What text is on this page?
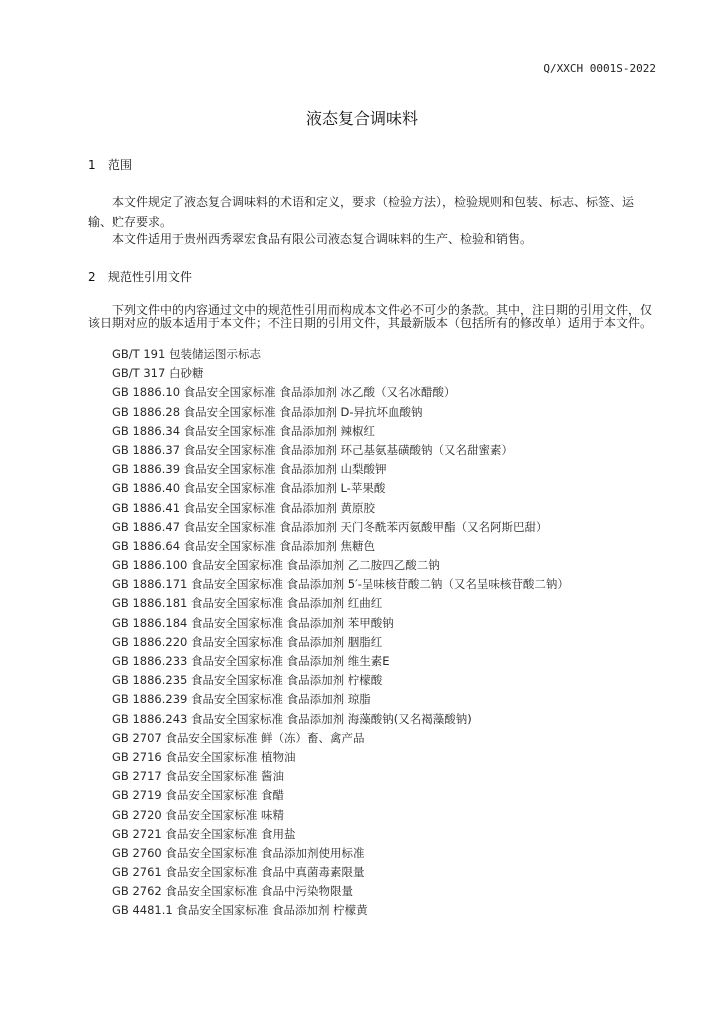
Q/XXCH 0001S-2022
液态复合调味料
1 范围
本文件规定了液态复合调味料的术语和定义，要求（检验方法），检验规则和包装、标志、标签、运输、贮存要求。
本文件适用于贵州西秀翠宏食品有限公司液态复合调味料的生产、检验和销售。
2 规范性引用文件
下列文件中的内容通过文中的规范性引用而构成本文件必不可少的条款。其中，注日期的引用文件，仅该日期对应的版本适用于本文件；不注日期的引用文件，其最新版本（包括所有的修改单）适用于本文件。
GB/T 191 包装储运图示标志
GB/T 317 白砂糖
GB 1886.10 食品安全国家标准 食品添加剂 冰乙酸（又名冰醋酸）
GB 1886.28 食品安全国家标准 食品添加剂 D-异抗坏血酸钠
GB 1886.34 食品安全国家标准 食品添加剂 辣椒红
GB 1886.37 食品安全国家标准 食品添加剂 环己基氨基磺酸钠（又名甜蜜素）
GB 1886.39 食品安全国家标准 食品添加剂 山梨酸钾
GB 1886.40 食品安全国家标准 食品添加剂 L-苹果酸
GB 1886.41 食品安全国家标准 食品添加剂 黄原胶
GB 1886.47 食品安全国家标准 食品添加剂 天门冬酰苯丙氨酸甲酯（又名阿斯巴甜）
GB 1886.64 食品安全国家标准 食品添加剂 焦糖色
GB 1886.100 食品安全国家标准 食品添加剂 乙二胺四乙酸二钠
GB 1886.171 食品安全国家标准 食品添加剂 5′-呈味核苷酸二钠（又名呈味核苷酸二钠）
GB 1886.181 食品安全国家标准 食品添加剂 红曲红
GB 1886.184 食品安全国家标准 食品添加剂 苯甲酸钠
GB 1886.220 食品安全国家标准 食品添加剂 胭脂红
GB 1886.233 食品安全国家标准 食品添加剂 维生素E
GB 1886.235 食品安全国家标准 食品添加剂 柠檬酸
GB 1886.239 食品安全国家标准 食品添加剂 琼脂
GB 1886.243 食品安全国家标准 食品添加剂 海藻酸钠(又名褐藻酸钠)
GB 2707 食品安全国家标准 鲜（冻）畜、禽产品
GB 2716 食品安全国家标准 植物油
GB 2717 食品安全国家标准 酱油
GB 2719 食品安全国家标准 食醋
GB 2720 食品安全国家标准 味精
GB 2721 食品安全国家标准 食用盐
GB 2760 食品安全国家标准 食品添加剂使用标准
GB 2761 食品安全国家标准 食品中真菌毒素限量
GB 2762 食品安全国家标准 食品中污染物限量
GB 4481.1 食品安全国家标准 食品添加剂 柠檬黄
